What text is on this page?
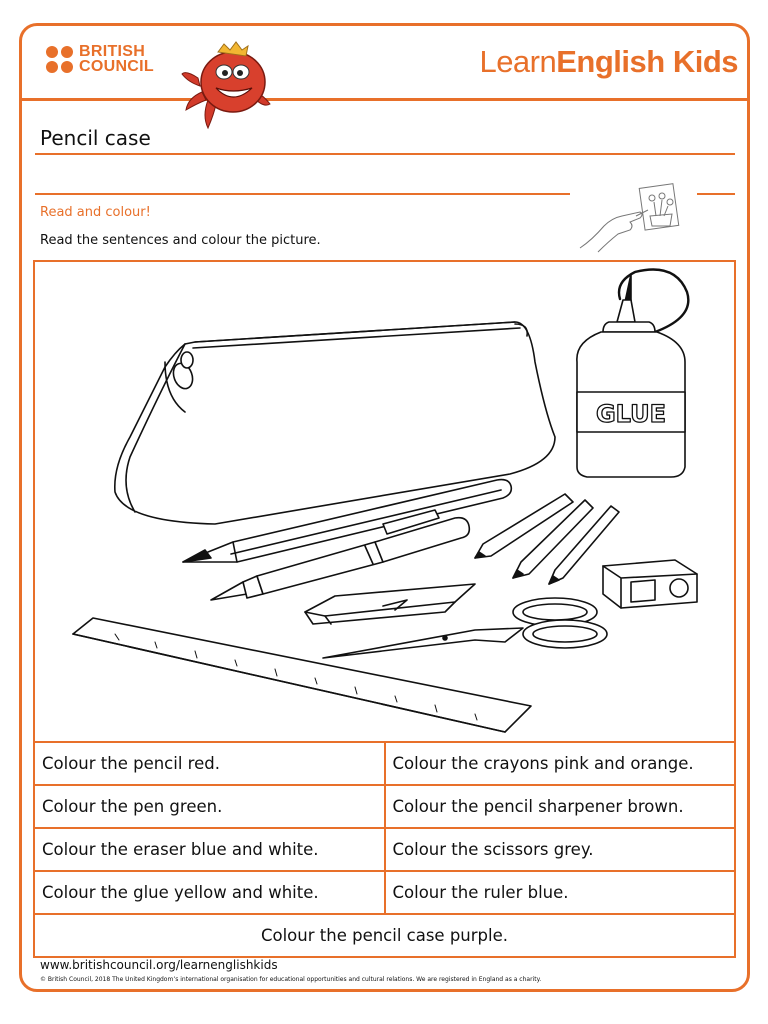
BRITISH
COUNCIL	LearnEnglish Kids
Pencil case
Read and colour!
Read the sentences and colour the picture.
GLUE
Colour the pencil red.	Colour the crayons pink and orange.
Colour the pen green.	Colour the pencil sharpener brown.
Colour the eraser blue and white.	Colour the scissors grey.
Colour the glue yellow and white.	Colour the ruler blue.
Colour the pencil case purple.	
www.britishcouncil.org/learnenglishkids
© British Council, 2018 The United Kingdom’s international organisation for educational opportunities and cultural relations. We are registered in England as a charity.
